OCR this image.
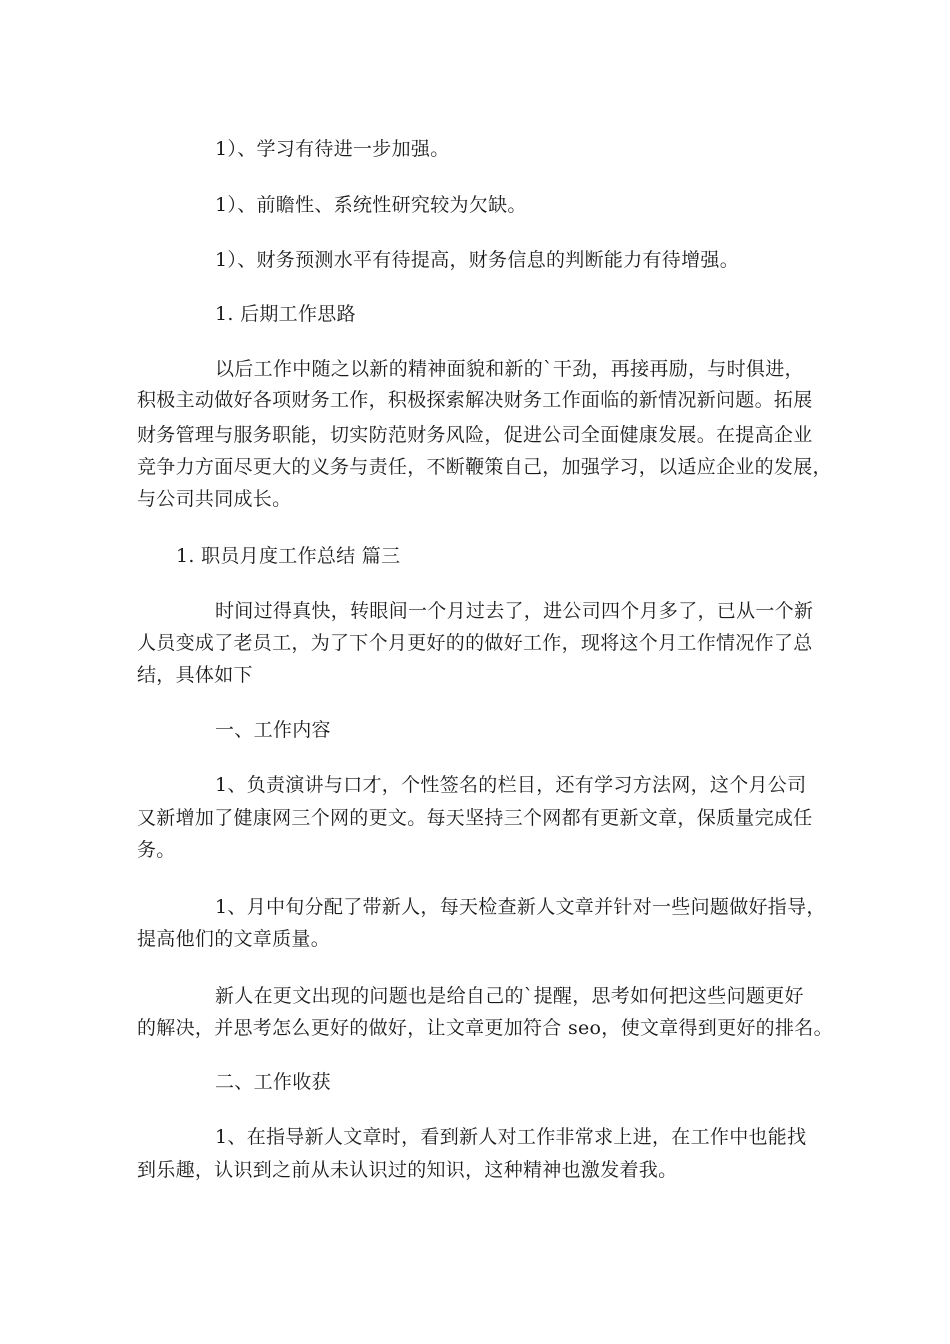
1）、学习有待进一步加强。
1）、前瞻性、系统性研究较为欠缺。
1）、财务预测水平有待提高，财务信息的判断能力有待增强。
1. 后期工作思路
以后工作中随之以新的精神面貌和新的`干劲，再接再励，与时俱进，
积极主动做好各项财务工作，积极探索解决财务工作面临的新情况新问题。拓展
财务管理与服务职能，切实防范财务风险，促进公司全面健康发展。在提高企业
竞争力方面尽更大的义务与责任，不断鞭策自己，加强学习，以适应企业的发展，
与公司共同成长。
1. 职员月度工作总结 篇三
时间过得真快，转眼间一个月过去了，进公司四个月多了，已从一个新
人员变成了老员工，为了下个月更好的的做好工作，现将这个月工作情况作了总
结，具体如下
一、工作内容
1、负责演讲与口才，个性签名的栏目，还有学习方法网，这个月公司
又新增加了健康网三个网的更文。每天坚持三个网都有更新文章，保质量完成任
务。
1、月中旬分配了带新人，每天检查新人文章并针对一些问题做好指导，
提高他们的文章质量。
新人在更文出现的问题也是给自己的`提醒，思考如何把这些问题更好
的解决，并思考怎么更好的做好，让文章更加符合 seo，使文章得到更好的排名。
二、工作收获
1、在指导新人文章时，看到新人对工作非常求上进，在工作中也能找
到乐趣，认识到之前从未认识过的知识，这种精神也激发着我。
